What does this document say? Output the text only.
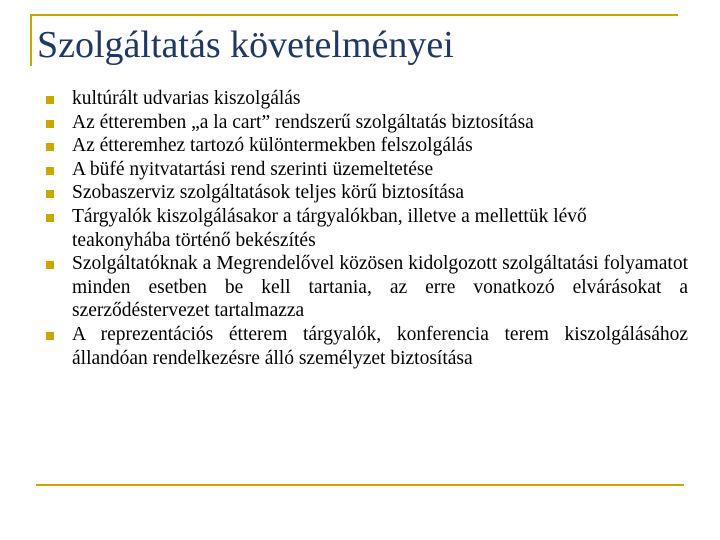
Szolgáltatás követelményei
kultúrált udvarias kiszolgálás
Az étteremben „a la cart” rendszerű szolgáltatás biztosítása
Az étteremhez tartozó különtermekben felszolgálás
A büfé nyitvatartási rend szerinti üzemeltetése
Szobaszerviz szolgáltatások teljes körű biztosítása
Tárgyalók kiszolgálásakor a tárgyalókban, illetve a mellettük lévő teakonyhába történő bekészítés
Szolgáltatóknak a Megrendelővel közösen kidolgozott szolgáltatási folyamatot minden esetben be kell tartania, az erre vonatkozó elvárásokat a szerződéstervezet tartalmazza
A reprezentációs étterem tárgyalók, konferencia terem kiszolgálásához állandóan rendelkezésre álló személyzet biztosítása
